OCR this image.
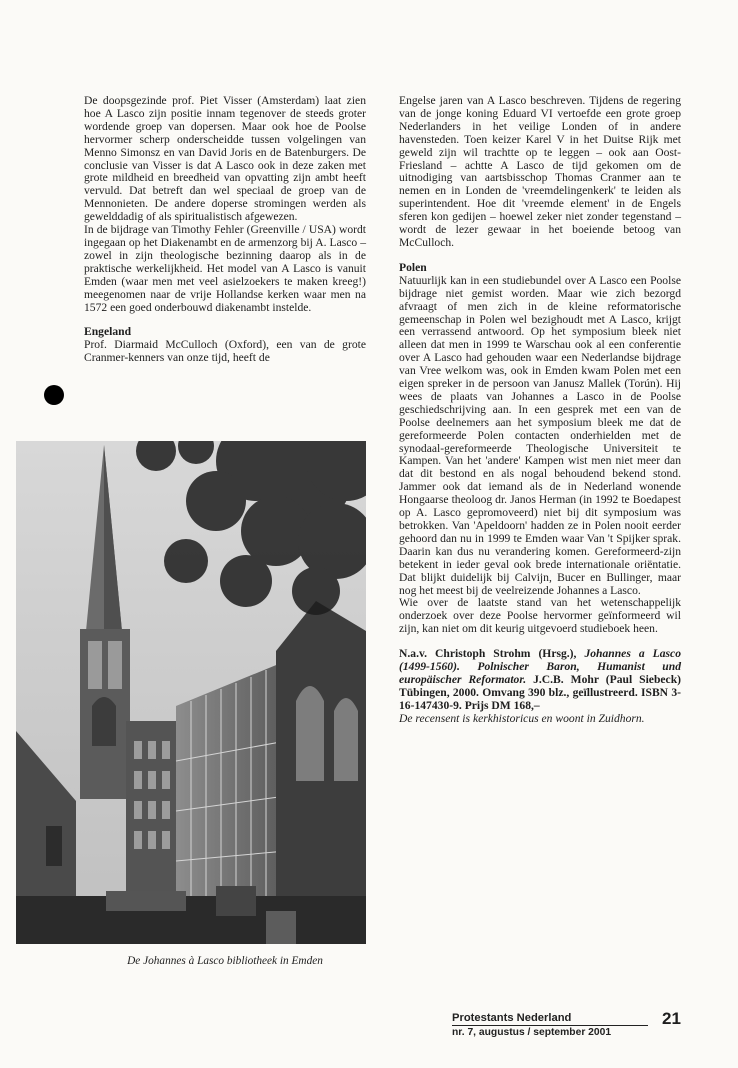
De doopsgezinde prof. Piet Visser (Amsterdam) laat zien hoe A Lasco zijn positie innam tegenover de steeds groter wordende groep van dopersen. Maar ook hoe de Poolse hervormer scherp onderscheidde tussen volgelingen van Menno Simonsz en van David Joris en de Batenburgers. De conclusie van Visser is dat A Lasco ook in deze zaken met grote mildheid en breedheid van opvatting zijn ambt heeft vervuld. Dat betreft dan wel speciaal de groep van de Mennonieten. De andere doperse stromingen werden als gewelddadig of als spiritualistisch afgewezen.

In de bijdrage van Timothy Fehler (Greenville / USA) wordt ingegaan op het Diakenambt en de armenzorg bij A. Lasco – zowel in zijn theologische bezinning daarop als in de praktische werkelijkheid. Het model van A Lasco is vanuit Emden (waar men met veel asielzoekers te maken kreeg!) meegenomen naar de vrije Hollandse kerken waar men na 1572 een goed onderbouwd diakenambt instelde.

Engeland

Prof. Diarmaid McCulloch (Oxford), een van de grote Cranmer-kenners van onze tijd, heeft de

De Johannes à Lasco bibliotheek in Emden

Engelse jaren van A Lasco beschreven. Tijdens de regering van de jonge koning Eduard VI vertoefde een grote groep Nederlanders in het veilige Londen of in andere havensteden. Toen keizer Karel V in het Duitse Rijk met geweld zijn wil trachtte op te leggen – ook aan Oost-Friesland – achtte A Lasco de tijd gekomen om de uitnodiging van aartsbisschop Thomas Cranmer aan te nemen en in Londen de 'vreemdelingenkerk' te leiden als superintendent. Hoe dit 'vreemde element' in de Engels sferen kon gedijen – hoewel zeker niet zonder tegenstand – wordt de lezer gewaar in het boeiende betoog van McCulloch.

Polen

Natuurlijk kan in een studiebundel over A Lasco een Poolse bijdrage niet gemist worden. Maar wie zich bezorgd afvraagt of men zich in de kleine reformatorische gemeenschap in Polen wel bezighoudt met A Lasco, krijgt een verrassend antwoord. Op het symposium bleek niet alleen dat men in 1999 te Warschau ook al een conferentie over A Lasco had gehouden waar een Nederlandse bijdrage van Vree welkom was, ook in Emden kwam Polen met een eigen spreker in de persoon van Janusz Mallek (Torún). Hij wees de plaats van Johannes a Lasco in de Poolse geschiedschrijving aan. In een gesprek met een van de Poolse deelnemers aan het symposium bleek me dat de gereformeerde Polen contacten onderhielden met de synodaal-gereformeerde Theologische Universiteit te Kampen. Van het 'andere' Kampen wist men niet meer dan dat dit bestond en als nogal behoudend bekend stond. Jammer ook dat iemand als de in Nederland wonende Hongaarse theoloog dr. Janos Herman (in 1992 te Boedapest op A. Lasco gepromoveerd) niet bij dit symposium was betrokken. Van 'Apeldoorn' hadden ze in Polen nooit eerder gehoord dan nu in 1999 te Emden waar Van 't Spijker sprak. Daarin kan dus nu verandering komen. Gereformeerd-zijn betekent in ieder geval ook brede internationale oriëntatie. Dat blijkt duidelijk bij Calvijn, Bucer en Bullinger, maar nog het meest bij de veelreizende Johannes a Lasco.

Wie over de laatste stand van het wetenschappelijk onderzoek over deze Poolse hervormer geïnformeerd wil zijn, kan niet om dit keurig uitgevoerd studieboek heen.

N.a.v. Christoph Strohm (Hrsg.), Johannes a Lasco (1499-1560). Polnischer Baron, Humanist und europäischer Reformator. J.C.B. Mohr (Paul Siebeck) Tübingen, 2000. Omvang 390 blz., geïllustreerd. ISBN 3-16-147430-9. Prijs DM 168,–

De recensent is kerkhistoricus en woont in Zuidhorn.

Protestants Nederland
nr. 7, augustus / september 2001
21
